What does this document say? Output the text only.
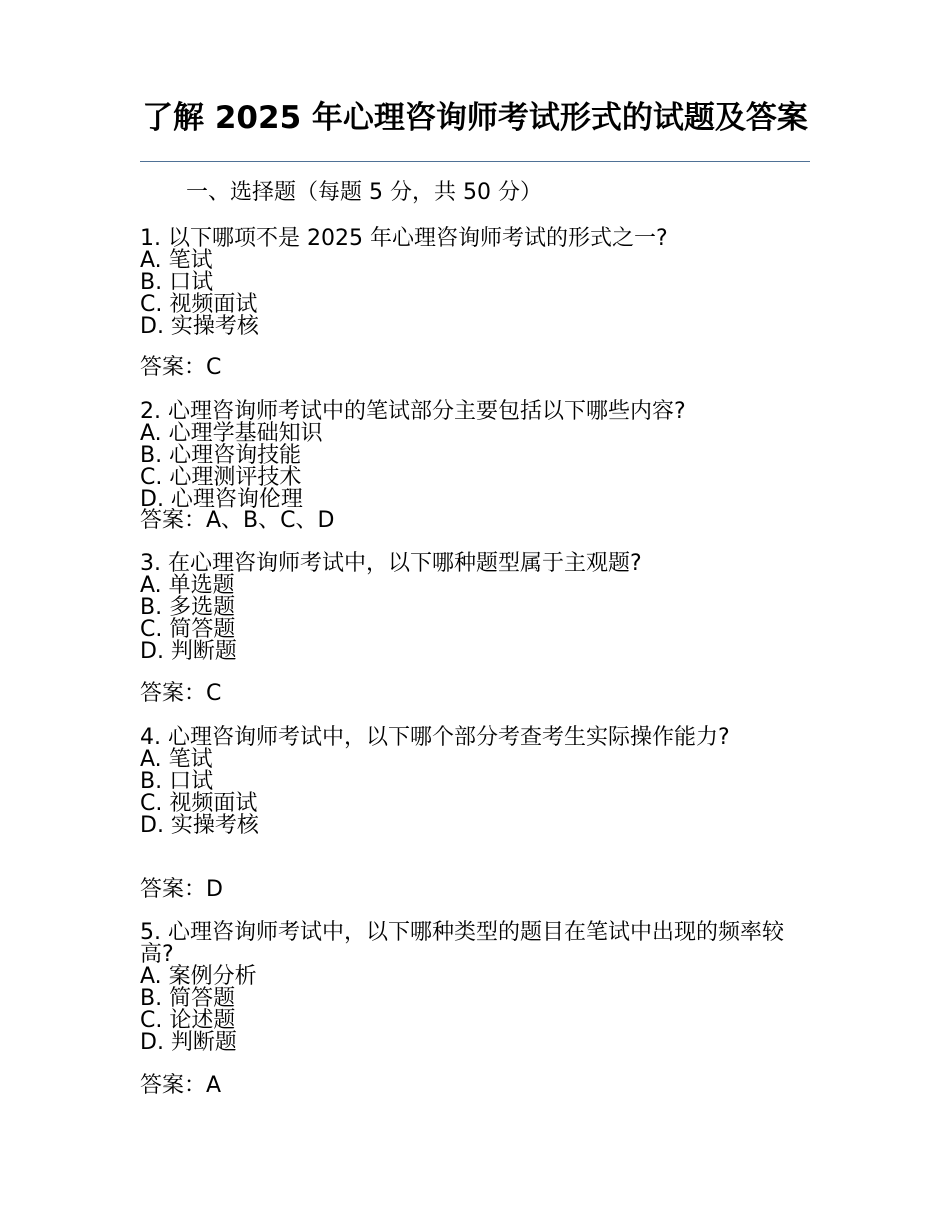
了解 2025 年心理咨询师考试形式的试题及答案
一、选择题（每题 5 分，共 50 分）
1. 以下哪项不是 2025 年心理咨询师考试的形式之一?
A. 笔试
B. 口试
C. 视频面试
D. 实操考核
答案：C
2. 心理咨询师考试中的笔试部分主要包括以下哪些内容?
A. 心理学基础知识
B. 心理咨询技能
C. 心理测评技术
D. 心理咨询伦理
答案：A、B、C、D
3. 在心理咨询师考试中，以下哪种题型属于主观题?
A. 单选题
B. 多选题
C. 简答题
D. 判断题
答案：C
4. 心理咨询师考试中，以下哪个部分考查考生实际操作能力?
A. 笔试
B. 口试
C. 视频面试
D. 实操考核
答案：D
5. 心理咨询师考试中，以下哪种类型的题目在笔试中出现的频率较高?
A. 案例分析
B. 简答题
C. 论述题
D. 判断题
答案：A
